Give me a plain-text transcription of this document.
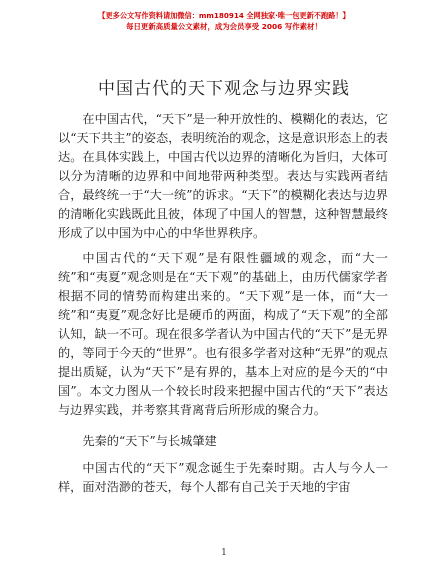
【更多公文写作资料请加微信：mm180914 全网独家·唯一包更新不跑路！】
每日更新高质量公文素材，成为会员享受 2006 写作素材！
中国古代的天下观念与边界实践

在中国古代，“天下”是一种开放性的、模糊化的表达，它以“天下共主”的姿态，表明统治的观念，这是意识形态上的表达。在具体实践上，中国古代以边界的清晰化为旨归，大体可以分为清晰的边界和中间地带两种类型。表达与实践两者结合，最终统一于“大一统”的诉求。“天下”的模糊化表达与边界的清晰化实践既此且彼，体现了中国人的智慧，这种智慧最终形成了以中国为中心的中华世界秩序。

中国古代的“天下观”是有限性疆域的观念，而“大一统”和“夷夏”观念则是在“天下观”的基础上，由历代儒家学者根据不同的情势而构建出来的。“天下观”是一体，而“大一统”和“夷夏”观念好比是硬币的两面，构成了“天下观”的全部认知，缺一不可。现在很多学者认为中国古代的“天下”是无界的，等同于今天的“世界”。也有很多学者对这种“无界”的观点提出质疑，认为“天下”是有界的，基本上对应的是今天的“中国”。本文力图从一个较长时段来把握中国古代的“天下”表达与边界实践，并考察其背离背后所形成的聚合力。

先秦的“天下”与长城肇建

中国古代的“天下”观念诞生于先秦时期。古人与今人一样，面对浩渺的苍天，每个人都有自己关于天地的宇宙

1
